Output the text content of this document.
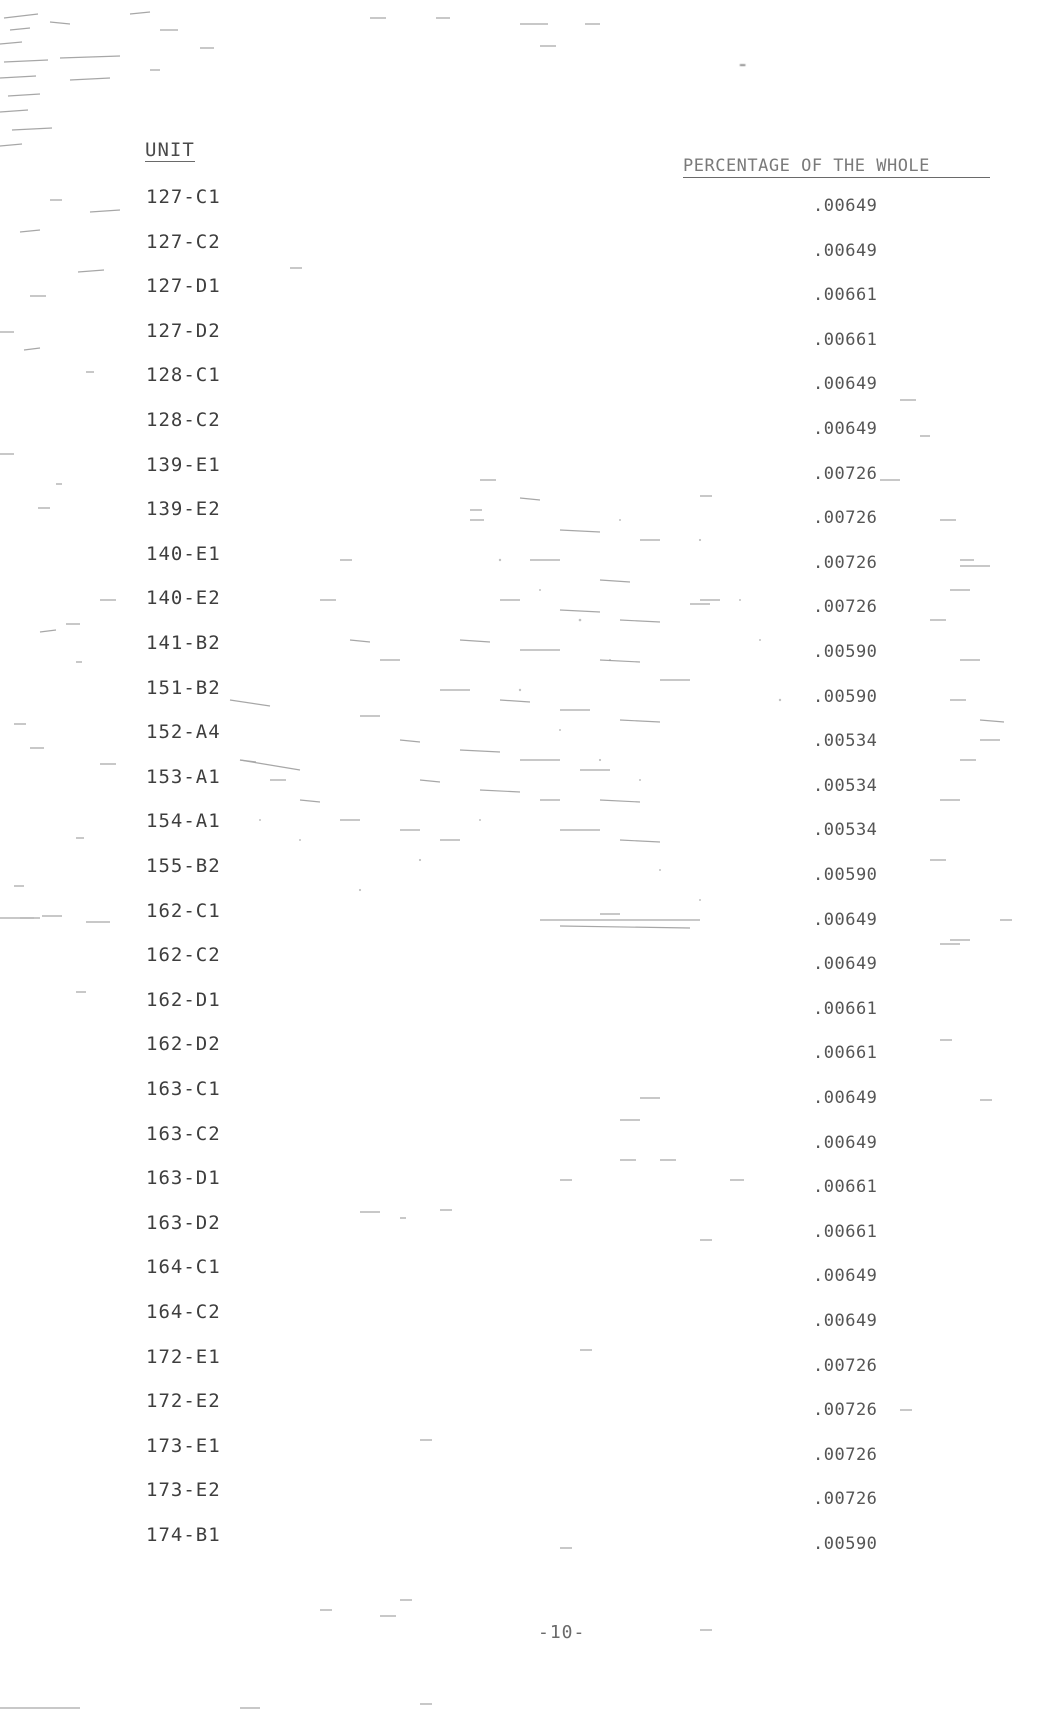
-
UNIT
PERCENTAGE OF THE WHOLE
127-C1	.00649
127-C2	.00649
127-D1	.00661
127-D2	.00661
128-C1	.00649
128-C2	.00649
139-E1	.00726
139-E2	.00726
140-E1	.00726
140-E2	.00726
141-B2	.00590
151-B2	.00590
152-A4	.00534
153-A1	.00534
154-A1	.00534
155-B2	.00590
162-C1	.00649
162-C2	.00649
162-D1	.00661
162-D2	.00661
163-C1	.00649
163-C2	.00649
163-D1	.00661
163-D2	.00661
164-C1	.00649
164-C2	.00649
172-E1	.00726
172-E2	.00726
173-E1	.00726
173-E2	.00726
174-B1	.00590
-10-
